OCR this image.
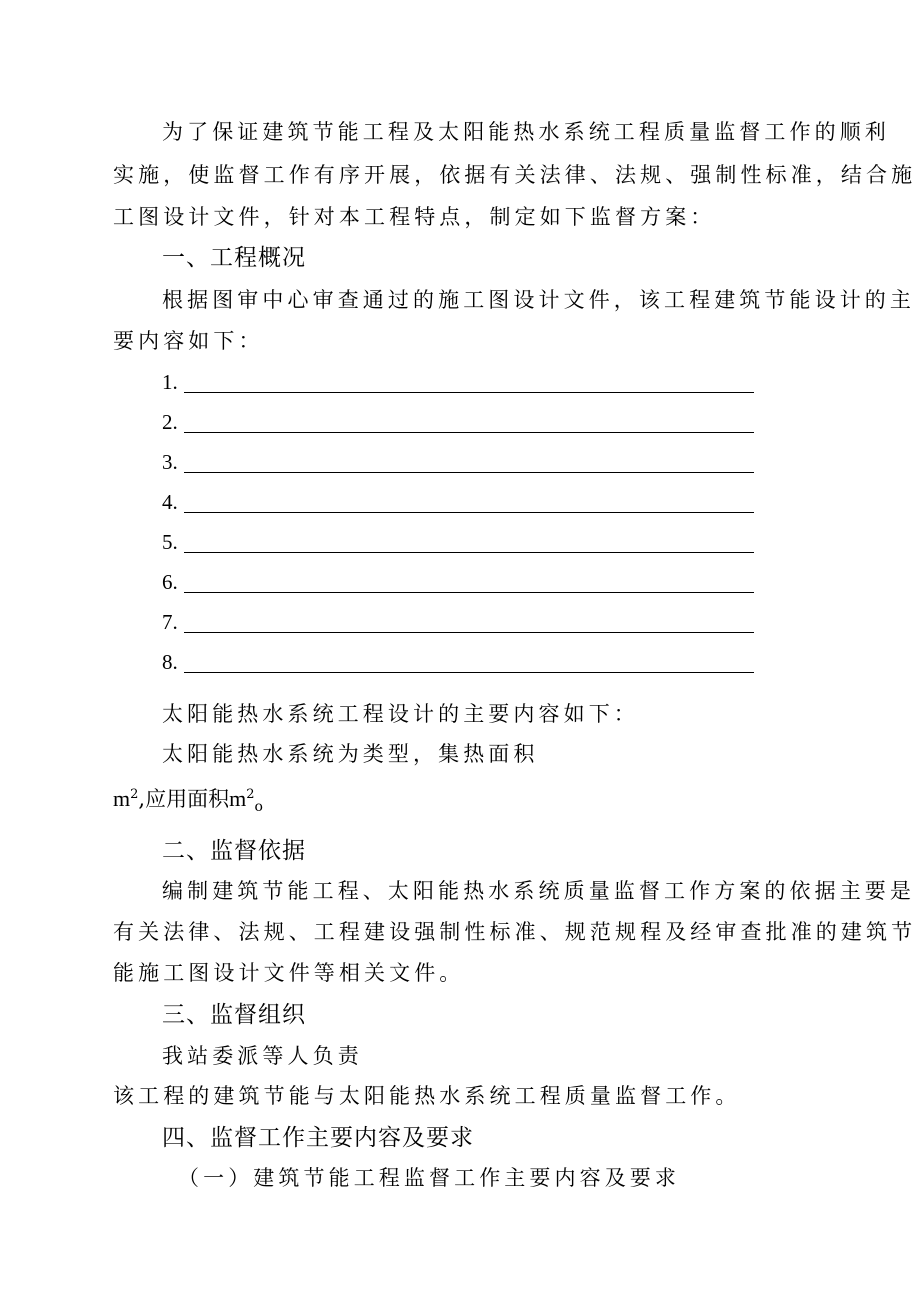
为了保证建筑节能工程及太阳能热水系统工程质量监督工作的顺利
实施，使监督工作有序开展，依据有关法律、法规、强制性标准，结合施
工图设计文件，针对本工程特点，制定如下监督方案：
一、工程概况
根据图审中心审查通过的施工图设计文件，该工程建筑节能设计的主
要内容如下：
1.
2.
3.
4.
5.
6.
7.
8.
太阳能热水系统工程设计的主要内容如下：
太阳能热水系统为类型，集热面积
$m^2$,应用面积$m^2_o$
二、监督依据
编制建筑节能工程、太阳能热水系统质量监督工作方案的依据主要是
有关法律、法规、工程建设强制性标准、规范规程及经审查批准的建筑节
能施工图设计文件等相关文件。
三、监督组织
我站委派等人负责
该工程的建筑节能与太阳能热水系统工程质量监督工作。
四、监督工作主要内容及要求
（一）建筑节能工程监督工作主要内容及要求
